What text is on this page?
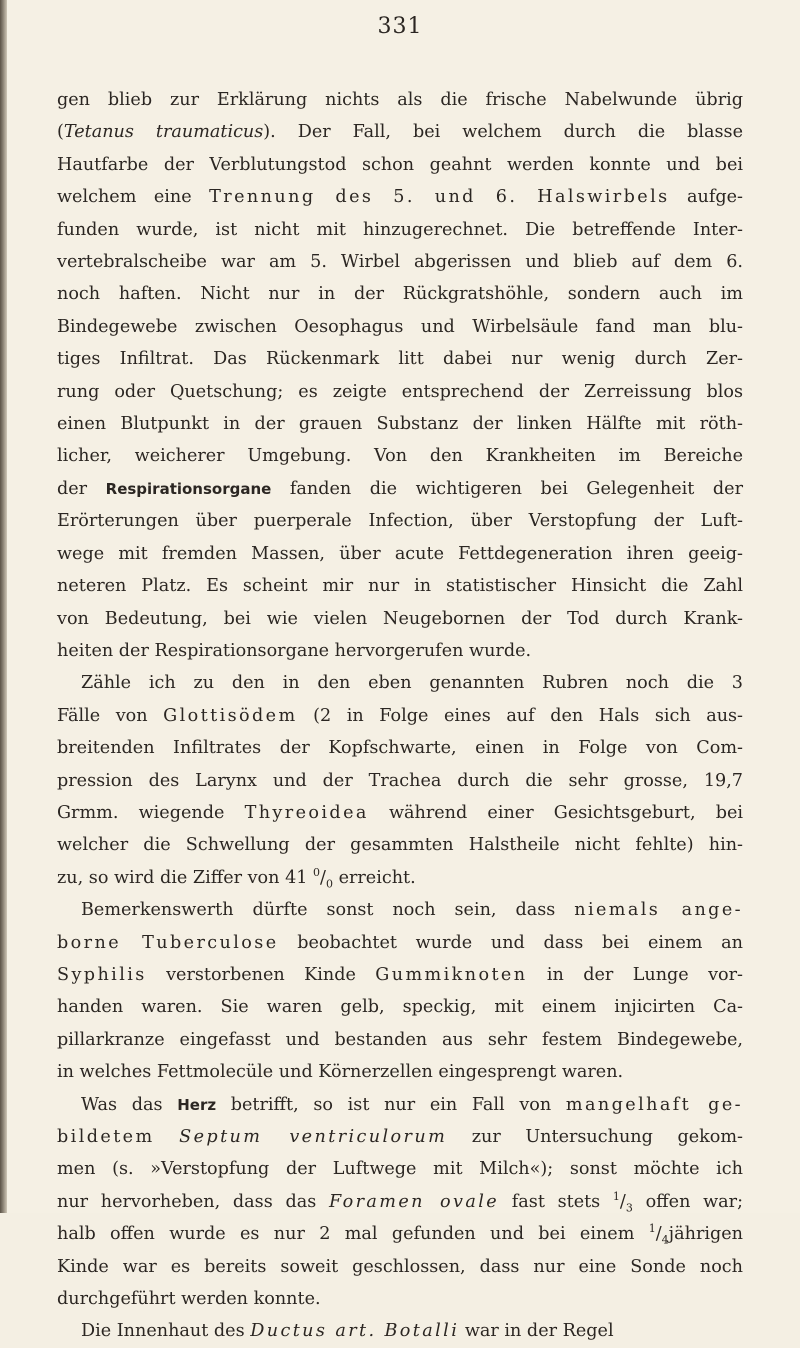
331
gen blieb zur Erklärung nichts als die frische Nabelwunde übrig
(Tetanus traumaticus). Der Fall, bei welchem durch die blasse
Hautfarbe der Verblutungstod schon geahnt werden konnte und bei
welchem eine Trennung des 5. und 6. Halswirbels aufge-
funden wurde, ist nicht mit hinzugerechnet. Die betreffende Inter-
vertebralscheibe war am 5. Wirbel abgerissen und blieb auf dem 6.
noch haften. Nicht nur in der Rückgratshöhle, sondern auch im
Bindegewebe zwischen Oesophagus und Wirbelsäule fand man blu-
tiges Infiltrat. Das Rückenmark litt dabei nur wenig durch Zer-
rung oder Quetschung; es zeigte entsprechend der Zerreissung blos
einen Blutpunkt in der grauen Substanz der linken Hälfte mit röth-
licher, weicherer Umgebung. Von den Krankheiten im Bereiche
der Respirationsorgane fanden die wichtigeren bei Gelegenheit der
Erörterungen über puerperale Infection, über Verstopfung der Luft-
wege mit fremden Massen, über acute Fettdegeneration ihren geeig-
neteren Platz. Es scheint mir nur in statistischer Hinsicht die Zahl
von Bedeutung, bei wie vielen Neugebornen der Tod durch Krank-
heiten der Respirationsorgane hervorgerufen wurde.
Zähle ich zu den in den eben genannten Rubren noch die 3
Fälle von Glottisödem (2 in Folge eines auf den Hals sich aus-
breitenden Infiltrates der Kopfschwarte, einen in Folge von Com-
pression des Larynx und der Trachea durch die sehr grosse, 19,7
Grmm. wiegende Thyreoidea während einer Gesichtsgeburt, bei
welcher die Schwellung der gesammten Halstheile nicht fehlte) hin-
zu, so wird die Ziffer von 41 $^0/_0$ erreicht.
Bemerkenswerth dürfte sonst noch sein, dass niemals ange-
borne Tuberculose beobachtet wurde und dass bei einem an
Syphilis verstorbenen Kinde Gummiknoten in der Lunge vor-
handen waren. Sie waren gelb, speckig, mit einem injicirten Ca-
pillarkranze eingefasst und bestanden aus sehr festem Bindegewebe,
in welches Fettmolecüle und Körnerzellen eingesprengt waren.
Was das Herz betrifft, so ist nur ein Fall von mangelhaft ge-
bildetem Septum ventriculorum zur Untersuchung gekom-
men (s. »Verstopfung der Luftwege mit Milch«); sonst möchte ich
nur hervorheben, dass das Foramen ovale fast stets $^1/_3$ offen war;
halb offen wurde es nur 2 mal gefunden und bei einem $^1/_4jährigen$
Kinde war es bereits soweit geschlossen, dass nur eine Sonde noch
durchgeführt werden konnte.
Die Innenhaut des Ductus art. Botalli war in der Regel
